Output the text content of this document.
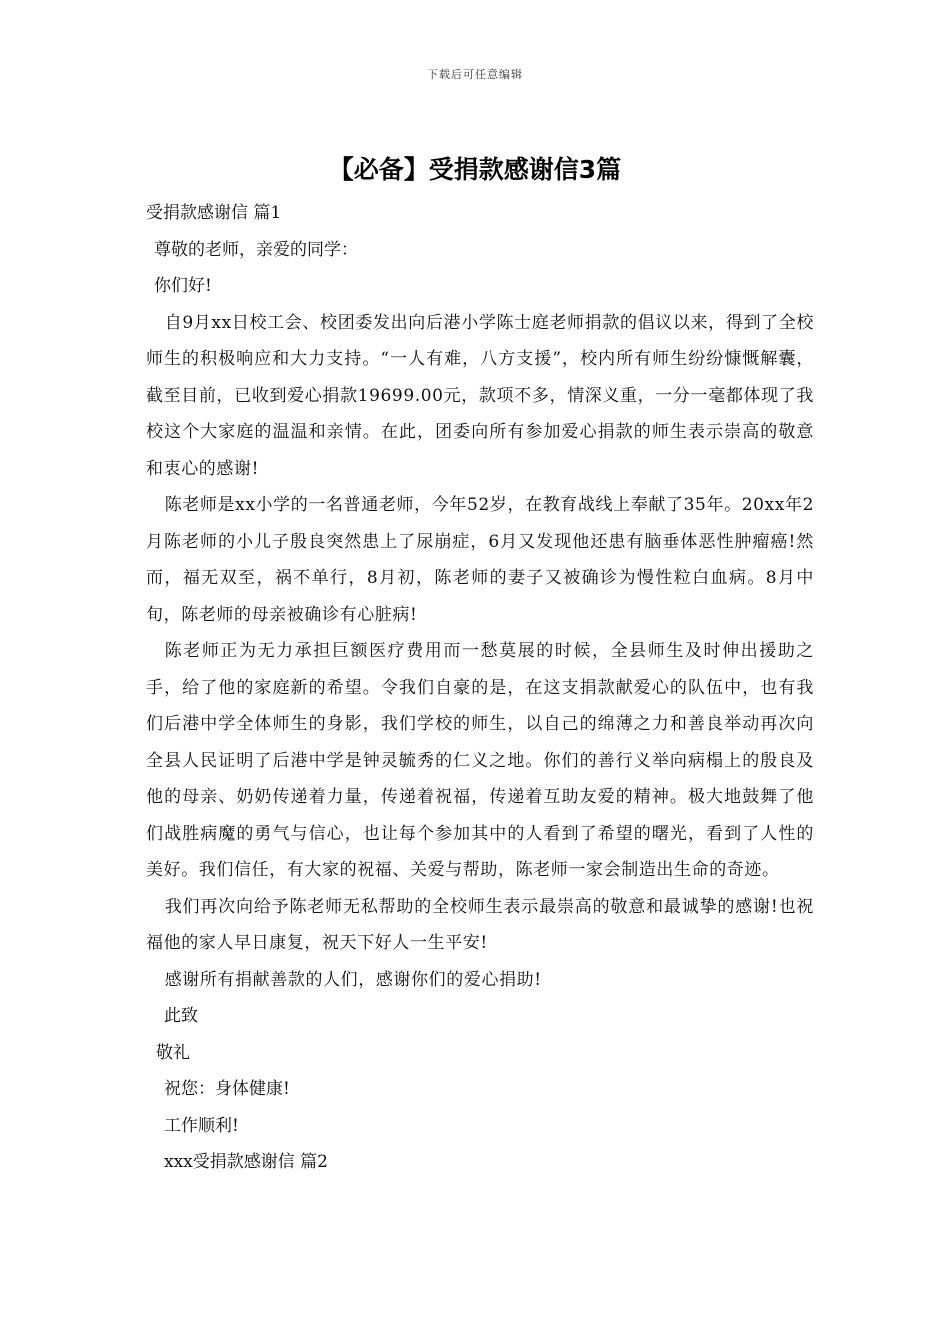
下载后可任意编辑
【必备】受捐款感谢信3篇

受捐款感谢信 篇1

尊敬的老师，亲爱的同学：

你们好!

自9月xx日校工会、校团委发出向后港小学陈士庭老师捐款的倡议以来，得到了全校师生的积极响应和大力支持。“一人有难，八方支援”，校内所有师生纷纷慷慨解囊，截至目前，已收到爱心捐款19699.00元，款项不多，情深义重，一分一毫都体现了我校这个大家庭的温温和亲情。在此，团委向所有参加爱心捐款的师生表示崇高的敬意和衷心的感谢!

陈老师是xx小学的一名普通老师，今年52岁，在教育战线上奉献了35年。20xx年2月陈老师的小儿子殷良突然患上了尿崩症，6月又发现他还患有脑垂体恶性肿瘤癌!然而，福无双至，祸不单行，8月初，陈老师的妻子又被确诊为慢性粒白血病。8月中旬，陈老师的母亲被确诊有心脏病!

陈老师正为无力承担巨额医疗费用而一愁莫展的时候，全县师生及时伸出援助之手，给了他的家庭新的希望。令我们自豪的是，在这支捐款献爱心的队伍中，也有我们后港中学全体师生的身影，我们学校的师生，以自己的绵薄之力和善良举动再次向全县人民证明了后港中学是钟灵毓秀的仁义之地。你们的善行义举向病榻上的殷良及他的母亲、奶奶传递着力量，传递着祝福，传递着互助友爱的精神。极大地鼓舞了他们战胜病魔的勇气与信心，也让每个参加其中的人看到了希望的曙光，看到了人性的美好。我们信任，有大家的祝福、关爱与帮助，陈老师一家会制造出生命的奇迹。

我们再次向给予陈老师无私帮助的全校师生表示最崇高的敬意和最诚挚的感谢!也祝福他的家人早日康复，祝天下好人一生平安!

感谢所有捐献善款的人们，感谢你们的爱心捐助!

此致

敬礼

祝您：身体健康!

工作顺利!

xxx受捐款感谢信 篇2
